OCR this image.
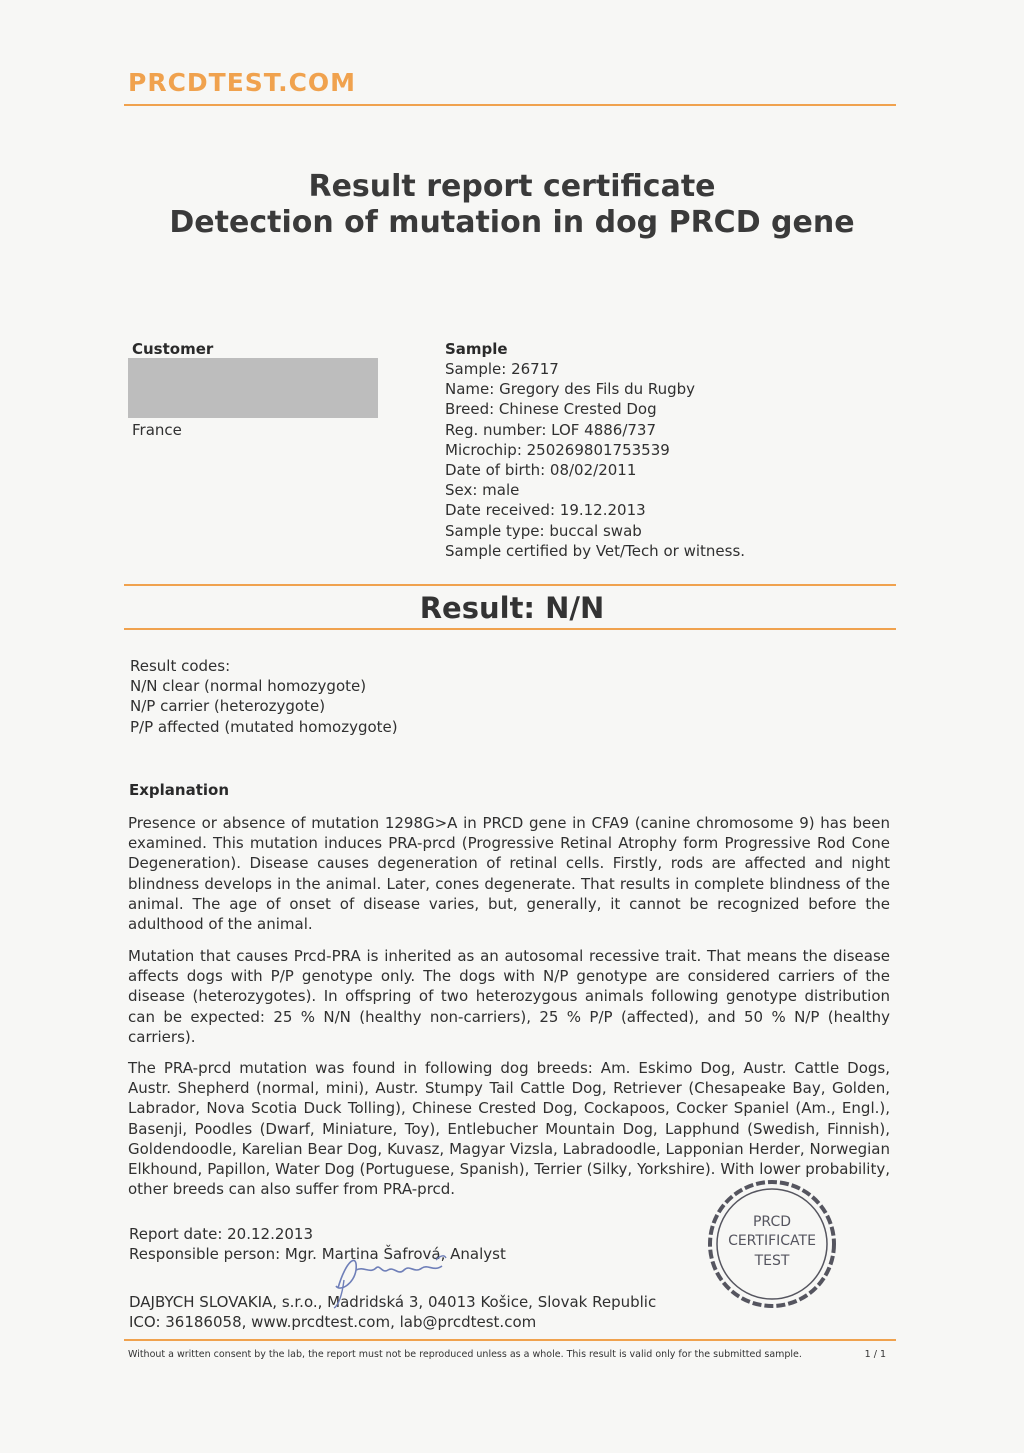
PRCDTEST.COM
Result report certificate
Detection of mutation in dog PRCD gene
Customer
France
Sample
Sample: 26717
Name: Gregory des Fils du Rugby
Breed: Chinese Crested Dog
Reg. number: LOF 4886/737
Microchip: 250269801753539
Date of birth: 08/02/2011
Sex: male
Date received: 19.12.2013
Sample type: buccal swab
Sample certified by Vet/Tech or witness.
Result: N/N
Result codes:
N/N clear (normal homozygote)
N/P carrier (heterozygote)
P/P affected (mutated homozygote)
Explanation

Presence or absence of mutation 1298G>A in PRCD gene in CFA9 (canine chromosome 9) has been examined. This mutation induces PRA-prcd (Progressive Retinal Atrophy form Progressive Rod Cone Degeneration). Disease causes degeneration of retinal cells. Firstly, rods are affected and night blindness develops in the animal. Later, cones degenerate. That results in complete blindness of the animal. The age of onset of disease varies, but, generally, it cannot be recognized before the adulthood of the animal.

Mutation that causes Prcd-PRA is inherited as an autosomal recessive trait. That means the disease affects dogs with P/P genotype only. The dogs with N/P genotype are considered carriers of the disease (heterozygotes). In offspring of two heterozygous animals following genotype distribution can be expected: 25 % N/N (healthy non-carriers), 25 % P/P (affected), and 50 % N/P (healthy carriers).

The PRA-prcd mutation was found in following dog breeds: Am. Eskimo Dog, Austr. Cattle Dogs, Austr. Shepherd (normal, mini), Austr. Stumpy Tail Cattle Dog, Retriever (Chesapeake Bay, Golden, Labrador, Nova Scotia Duck Tolling), Chinese Crested Dog, Cockapoos, Cocker Spaniel (Am., Engl.), Basenji, Poodles (Dwarf, Miniature, Toy), Entlebucher Mountain Dog, Lapphund (Swedish, Finnish), Goldendoodle, Karelian Bear Dog, Kuvasz, Magyar Vizsla, Labradoodle, Lapponian Herder, Norwegian Elkhound, Papillon, Water Dog (Portuguese, Spanish), Terrier (Silky, Yorkshire). With lower probability, other breeds can also suffer from PRA-prcd.

Report date: 20.12.2013
Responsible person: Mgr. Martina Šafrová, Analyst
DAJBYCH SLOVAKIA, s.r.o., Madridská 3, 04013 Košice, Slovak Republic
ICO: 36186058, www.prcdtest.com, lab@prcdtest.com
PRCD
CERTIFICATE
TEST
Without a written consent by the lab, the report must not be reproduced unless as a whole. This result is valid only for the submitted sample.	1 / 1
